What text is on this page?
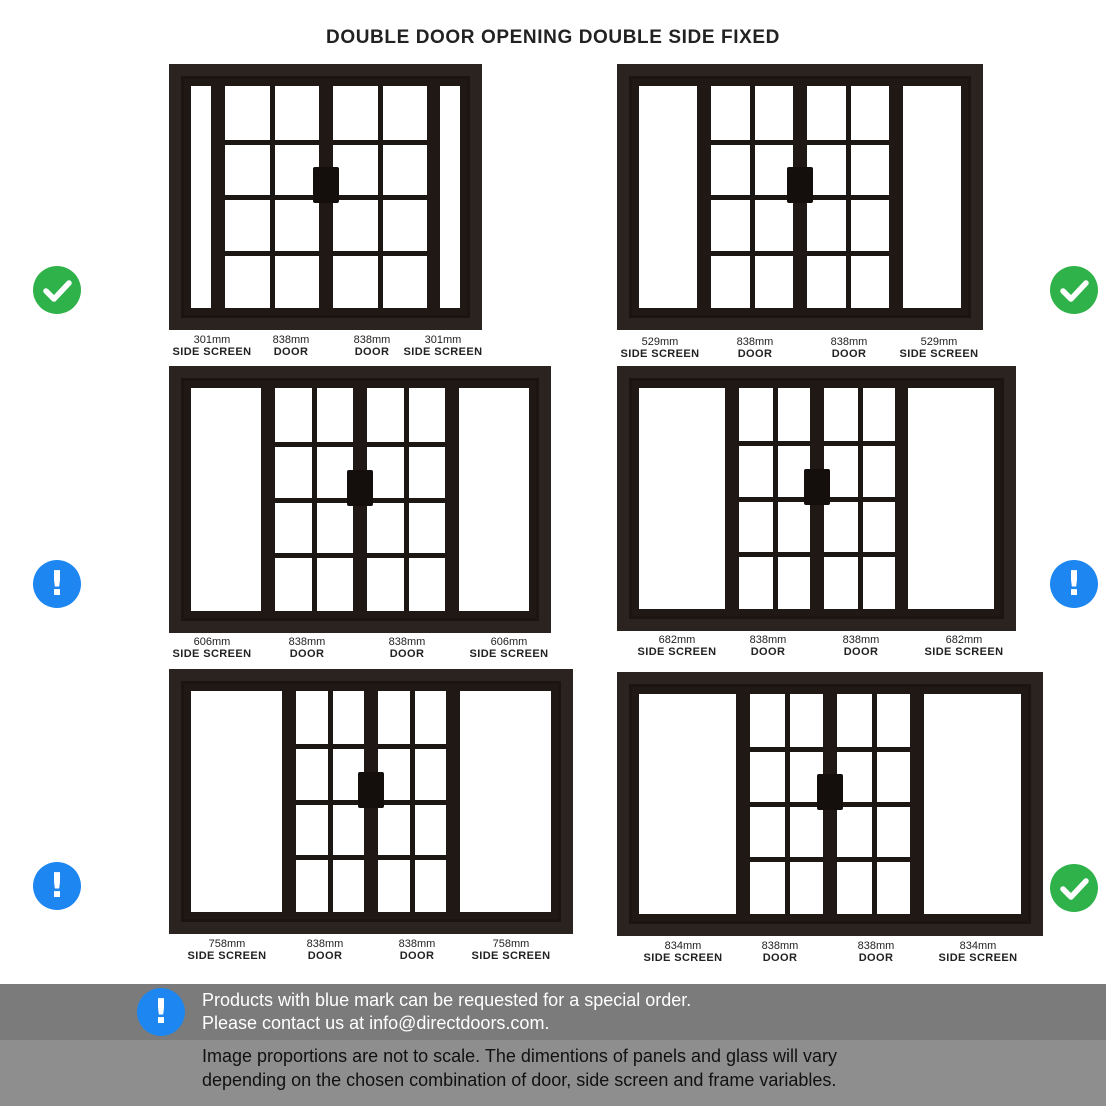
DOUBLE DOOR OPENING DOUBLE SIDE FIXED
301mm
SIDE SCREEN
838mm
DOOR
838mm
DOOR
301mm
SIDE SCREEN
529mm
SIDE SCREEN
838mm
DOOR
838mm
DOOR
529mm
SIDE SCREEN
606mm
SIDE SCREEN
838mm
DOOR
838mm
DOOR
606mm
SIDE SCREEN
!
682mm
SIDE SCREEN
838mm
DOOR
838mm
DOOR
682mm
SIDE SCREEN
!
758mm
SIDE SCREEN
838mm
DOOR
838mm
DOOR
758mm
SIDE SCREEN
!
834mm
SIDE SCREEN
838mm
DOOR
838mm
DOOR
834mm
SIDE SCREEN
!	Products with blue mark can be requested for a special order.
Please contact us at info@directdoors.com.
Image proportions are not to scale. The dimentions of panels and glass will vary
depending on the chosen combination of door, side screen and frame variables.
